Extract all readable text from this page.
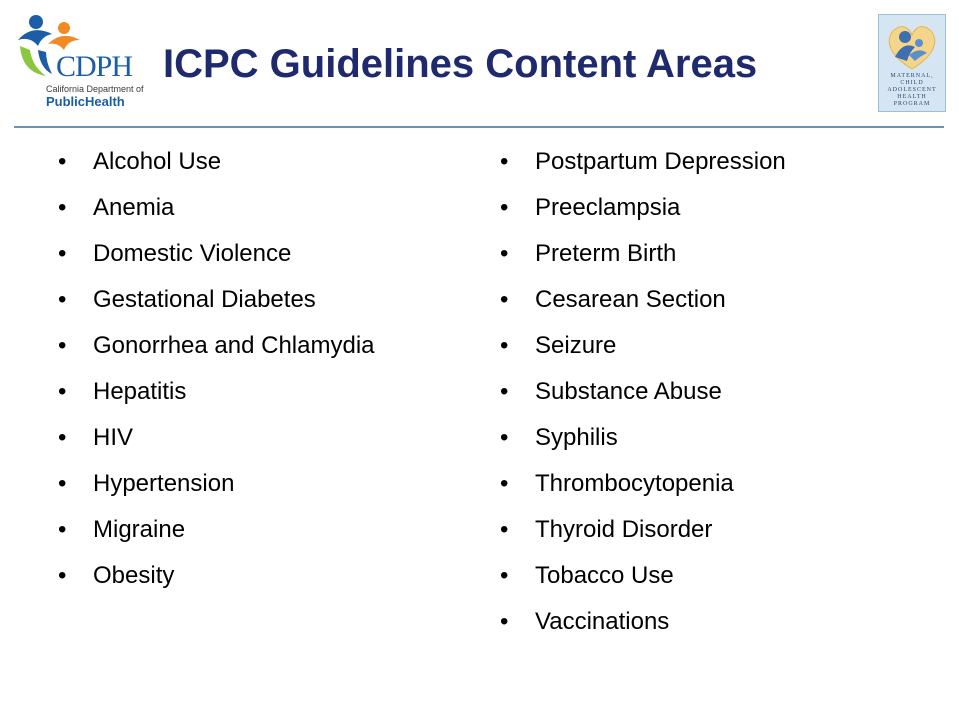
CDPH
California Department of
PublicHealth
ICPC Guidelines Content Areas	MATERNAL, CHILD ADOLESCENT HEALTH PROGRAM
• Alcohol Use
• Anemia
• Domestic Violence
• Gestational Diabetes
• Gonorrhea and Chlamydia
• Hepatitis
• HIV
• Hypertension
• Migraine
• Obesity
• Postpartum Depression
• Preeclampsia
• Preterm Birth
• Cesarean Section
• Seizure
• Substance Abuse
• Syphilis
• Thrombocytopenia
• Thyroid Disorder
• Tobacco Use
• Vaccinations
